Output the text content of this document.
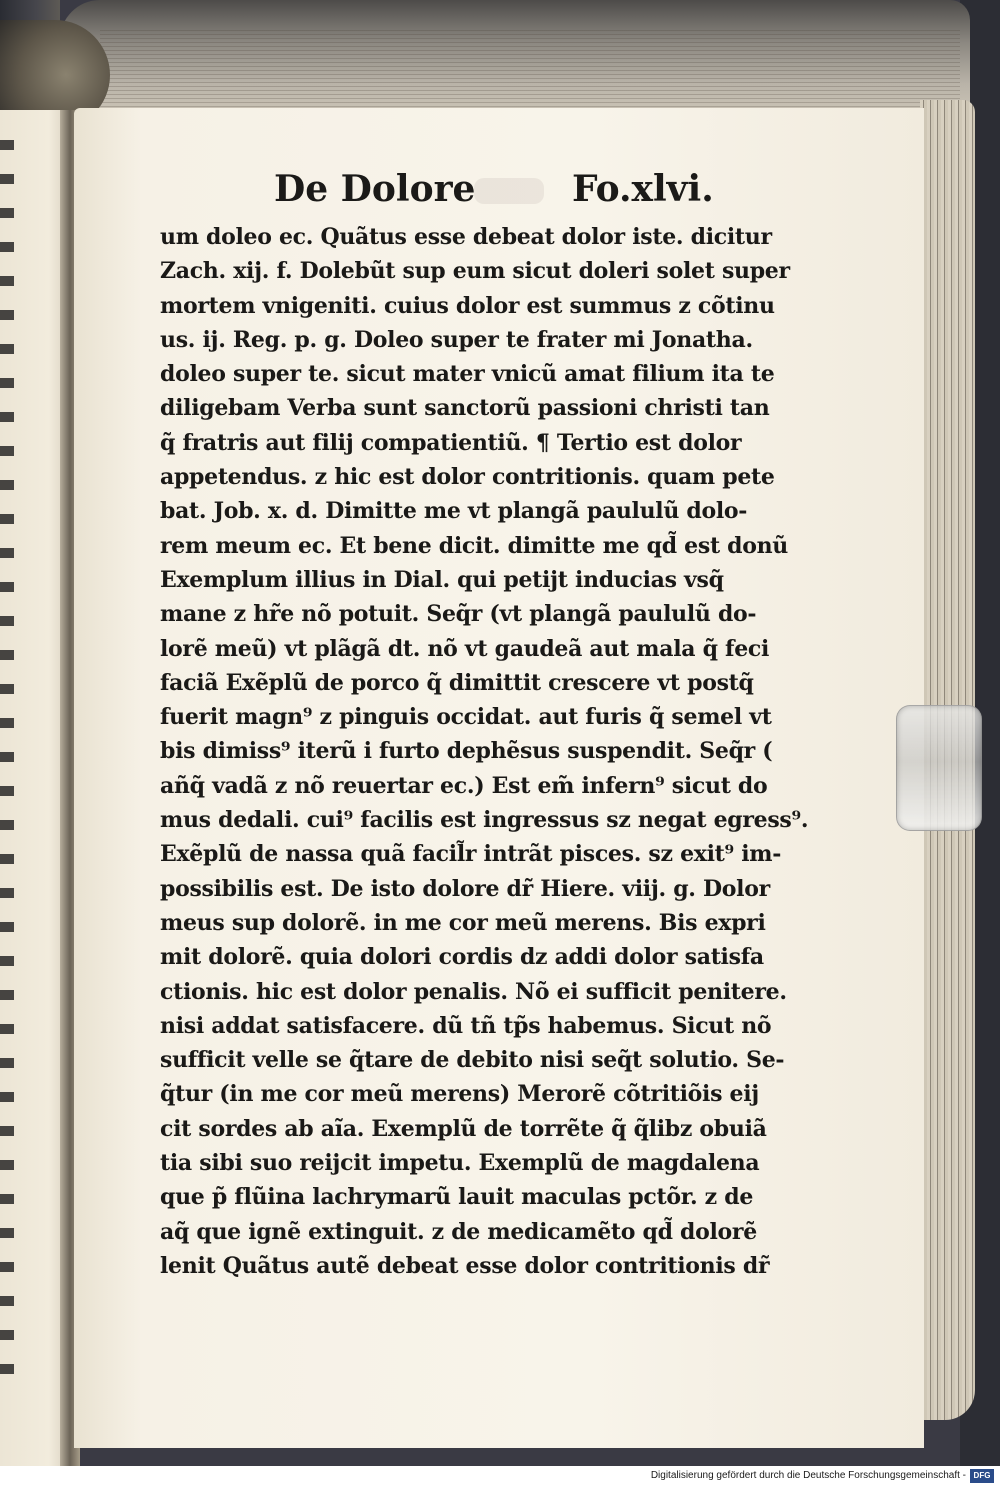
De Dolore	Fo.xlvi.
um doleo ec. Quãtus esse debeat dolor iste. dicitur
Zach. xij. f. Dolebũt sup eum sicut doleri solet super
mortem vnigeniti. cuius dolor est summus z cõtinu
us. ij. Reg. p. g. Doleo super te frater mi Jonatha.
doleo super te. sicut mater vnicũ amat filium ita te
diligebam Verba sunt sanctorũ passioni christi tan
q̃ fratris aut filij compatientiũ. ¶ Tertio est dolor
appetendus. z hic est dolor contritionis. quam pete
bat. Job. x. d. Dimitte me vt plangã paululũ dolo-
rem meum ec. Et bene dicit. dimitte me qd̃ est donũ
Exemplum illius in Dial. qui petijt inducias vsq̃
mane z hr̃e nõ potuit. Seq̃r (vt plangã paululũ do-
lorẽ meũ) vt plãgã dt. nõ vt gaudeã aut mala q̃ feci
faciã Exẽplũ de porco q̃ dimittit crescere vt postq̃
fuerit magn⁹ z pinguis occidat. aut furis q̃ semel vt
bis dimiss⁹ iterũ i furto dephẽsus suspendit. Seq̃r (
añq̃ vadã z nõ reuertar ec.) Est em̃ infern⁹ sicut do
mus dedali. cui⁹ facilis est ingressus sz negat egress⁹.
Exẽplũ de nassa quã facil̃r intrãt pisces. sz exit⁹ im-
possibilis est. De isto dolore dr̃ Hiere. viij. g. Dolor
meus sup dolorẽ. in me cor meũ merens. Bis expri
mit dolorẽ. quia dolori cordis dz addi dolor satisfa
ctionis. hic est dolor penalis. Nõ ei sufficit penitere.
nisi addat satisfacere. dũ tñ tp̃s habemus. Sicut nõ
sufficit velle se q̃tare de debito nisi seq̃t solutio. Se-
q̃tur (in me cor meũ merens) Merorẽ cõtritiõis eij
cit sordes ab aĩa. Exemplũ de torrẽte q̃ q̃libz obuiã
tia sibi suo reijcit impetu. Exemplũ de magdalena
que p̃ flũina lachrymarũ lauit maculas pctõr. z de
aq̃ que ignẽ extinguit. z de medicamẽto qd̃ dolorẽ
lenit Quãtus autẽ debeat esse dolor contritionis dr̃
Digitalisierung gefördert durch die Deutsche Forschungsgemeinschaft - DFG
